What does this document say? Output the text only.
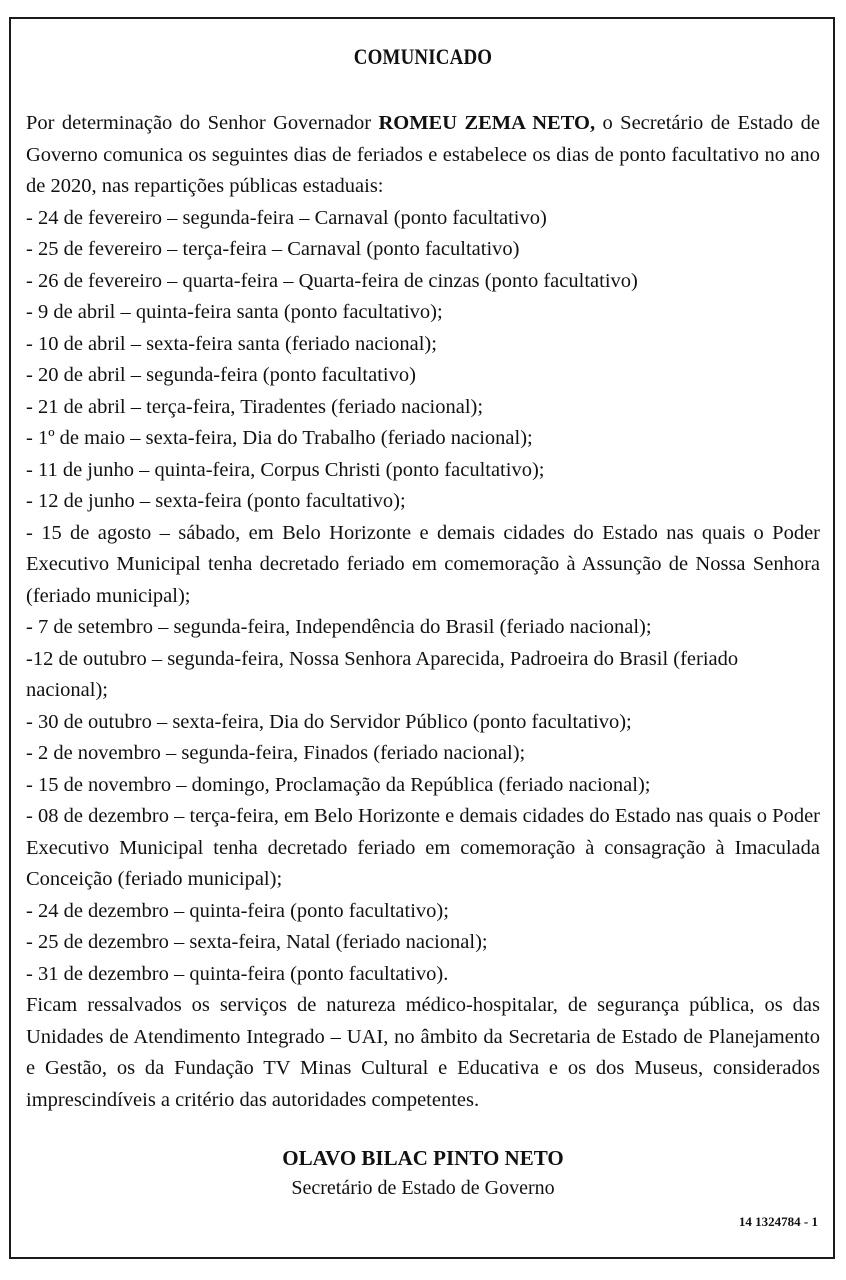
COMUNICADO
Por determinação do Senhor Governador ROMEU ZEMA NETO, o Secretário de Estado de Governo comunica os seguintes dias de feriados e estabelece os dias de ponto facultativo no ano de 2020, nas repartições públicas estaduais:
- 24 de fevereiro – segunda-feira – Carnaval (ponto facultativo)
- 25 de fevereiro – terça-feira – Carnaval (ponto facultativo)
- 26 de fevereiro – quarta-feira – Quarta-feira de cinzas (ponto facultativo)
- 9 de abril – quinta-feira santa (ponto facultativo);
- 10 de abril – sexta-feira santa (feriado nacional);
- 20 de abril – segunda-feira (ponto facultativo)
- 21 de abril – terça-feira, Tiradentes (feriado nacional);
- 1º de maio – sexta-feira, Dia do Trabalho (feriado nacional);
- 11 de junho – quinta-feira, Corpus Christi (ponto facultativo);
- 12 de junho – sexta-feira (ponto facultativo);
- 15 de agosto – sábado, em Belo Horizonte e demais cidades do Estado nas quais o Poder Executivo Municipal tenha decretado feriado em comemoração à Assunção de Nossa Senhora (feriado municipal);
- 7 de setembro – segunda-feira, Independência do Brasil (feriado nacional);
-12 de outubro – segunda-feira, Nossa Senhora Aparecida, Padroeira do Brasil (feriado nacional);
- 30 de outubro – sexta-feira, Dia do Servidor Público (ponto facultativo);
- 2 de novembro – segunda-feira, Finados (feriado nacional);
- 15 de novembro – domingo, Proclamação da República (feriado nacional);
- 08 de dezembro – terça-feira, em Belo Horizonte e demais cidades do Estado nas quais o Poder Executivo Municipal tenha decretado feriado em comemoração à consagração à Imaculada Conceição (feriado municipal);
- 24 de dezembro – quinta-feira (ponto facultativo);
- 25 de dezembro – sexta-feira, Natal (feriado nacional);
- 31 de dezembro – quinta-feira (ponto facultativo).
Ficam ressalvados os serviços de natureza médico-hospitalar, de segurança pública, os das Unidades de Atendimento Integrado – UAI, no âmbito da Secretaria de Estado de Planejamento e Gestão, os da Fundação TV Minas Cultural e Educativa e os dos Museus, considerados imprescindíveis a critério das autoridades competentes.
OLAVO BILAC PINTO NETO
Secretário de Estado de Governo
14 1324784 - 1
